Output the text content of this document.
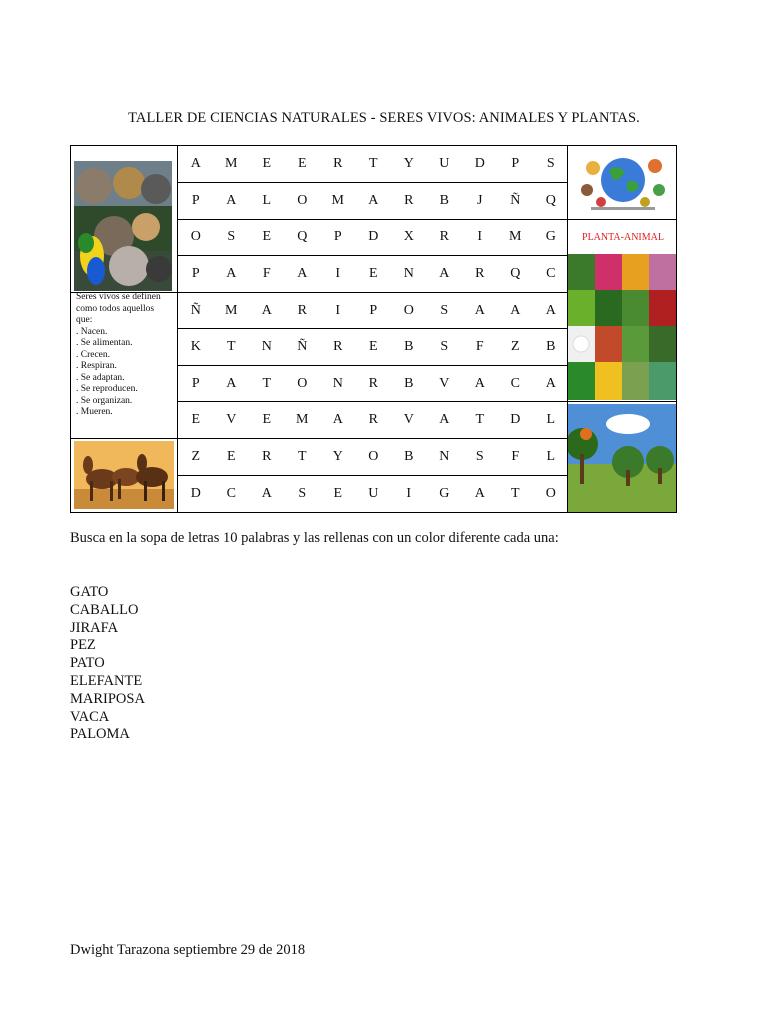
TALLER DE CIENCIAS NATURALES - SERES VIVOS: ANIMALES Y PLANTAS.
A	M	E	E	R	T	Y	U	D	P	S
P	A	L	O	M	A	R	B	J	Ñ	Q
O	S	E	Q	P	D	X	R	I	M	G
P	A	F	A	I	E	N	A	R	Q	C
Ñ	M	A	R	I	P	O	S	A	A	A
K	T	N	Ñ	R	E	B	S	F	Z	B
P	A	T	O	N	R	B	V	A	C	A
E	V	E	M	A	R	V	A	T	D	L
Z	E	R	T	Y	O	B	N	S	F	L
D	C	A	S	E	U	I	G	A	T	O
Seres vivos se definen
como todos aquellos
que:
. Nacen.
. Se alimentan.
. Crecen.
. Respiran.
. Se adaptan.
. Se reproducen.
. Se organizan.
. Mueren.
PLANTA-ANIMAL
Busca en la sopa de letras 10 palabras y las rellenas con un color diferente cada una:
GATO
CABALLO
JIRAFA
PEZ
PATO
ELEFANTE
MARIPOSA
VACA
PALOMA
Dwight Tarazona septiembre 29 de 2018
